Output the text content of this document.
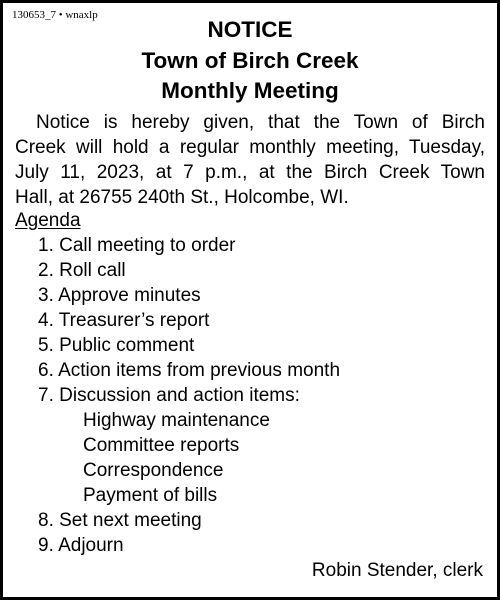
130653_7 • wnaxlp
NOTICE
Town of Birch Creek
Monthly Meeting
Notice is hereby given, that the Town of Birch
Creek will hold a regular monthly meeting, Tuesday,
July 11, 2023, at 7 p.m., at the Birch Creek Town
Hall, at 26755 240th St., Holcombe, WI.
Agenda
1. Call meeting to order
2. Roll call
3. Approve minutes
4. Treasurer’s report
5. Public comment
6. Action items from previous month
7. Discussion and action items:
Highway maintenance
Committee reports
Correspondence
Payment of bills
8. Set next meeting
9. Adjourn
Robin Stender, clerk
